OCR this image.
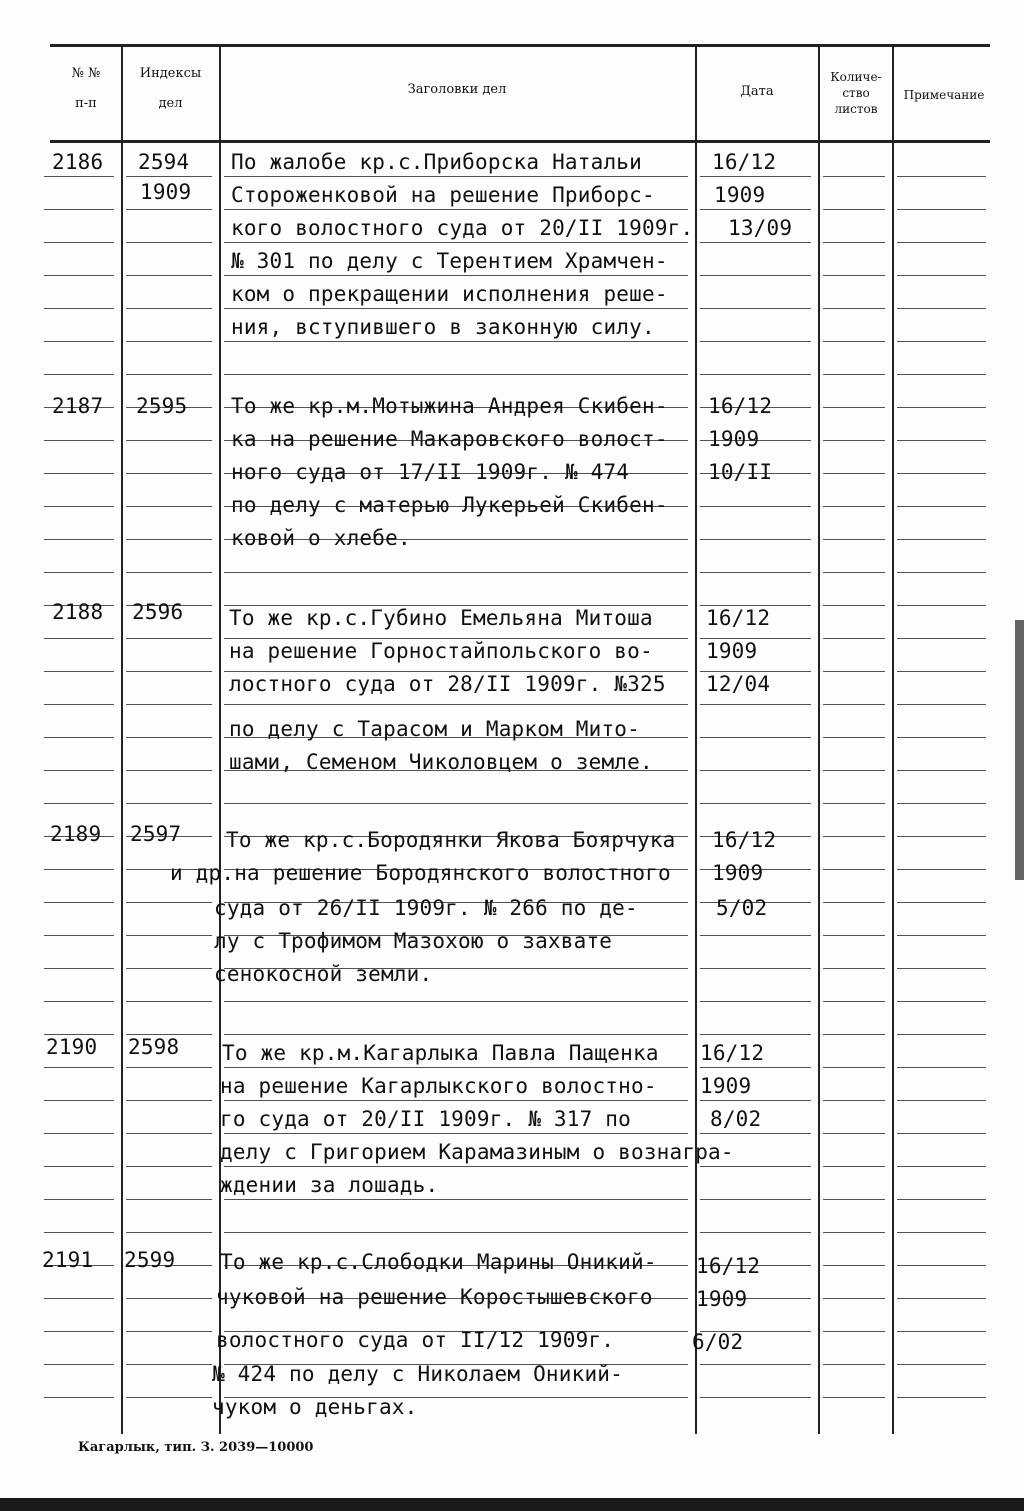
№ №
п-п
Индексы
дел
Заголовки дел	Дата
Количе-
ство
листов
Примечание
2186 2594
1909
По жалобе кр.с.Приборска Натальи
Стороженковой на решение Приборс-
кого волостного суда от 20/II 1909г.
№ 301 по делу с Терентием Храмчен-
ком о прекращении исполнения реше-
ния, вступившего в законную силу.
16/12
1909
13/09
2187 2595 То же кр.м.Мотыжина Андрея Скибен-
ка на решение Макаровского волост-
ного суда от 17/II 1909г. № 474
по делу с матерью Лукерьей Скибен-
ковой о хлебе.
16/12
1909
10/II
2188 2596 То же кр.с.Губино Емельяна Митоша
на решение Горностайпольского во-
лостного суда от 28/II 1909г. №325
по делу с Тарасом и Марком Мито-
шами, Семеном Чиколовцем о земле.
16/12
1909
12/04
2189 2597 То же кр.с.Бородянки Якова Боярчука
и др.на решение Бородянского волостного
суда от 26/II 1909г. № 266 по де-
лу с Трофимом Мазохою о захвате
сенокосной земли.
16/12
1909
5/02
2190 2598 То же кр.м.Кагарлыка Павла Пащенка
на решение Кагарлыкского волостно-
го суда от 20/II 1909г. № 317 по
делу с Григорием Карамазиным о вознагра-
ждении за лошадь.
16/12
1909
8/02
2191 2599 То же кр.с.Слободки Марины Оникий-
чуковой на решение Коростышевского
волостного суда от II/12 1909г.
№ 424 по делу с Николаем Оникий-
чуком о деньгах.
16/12
1909
6/02
Кагарлык, тип. З. 2039—10000
